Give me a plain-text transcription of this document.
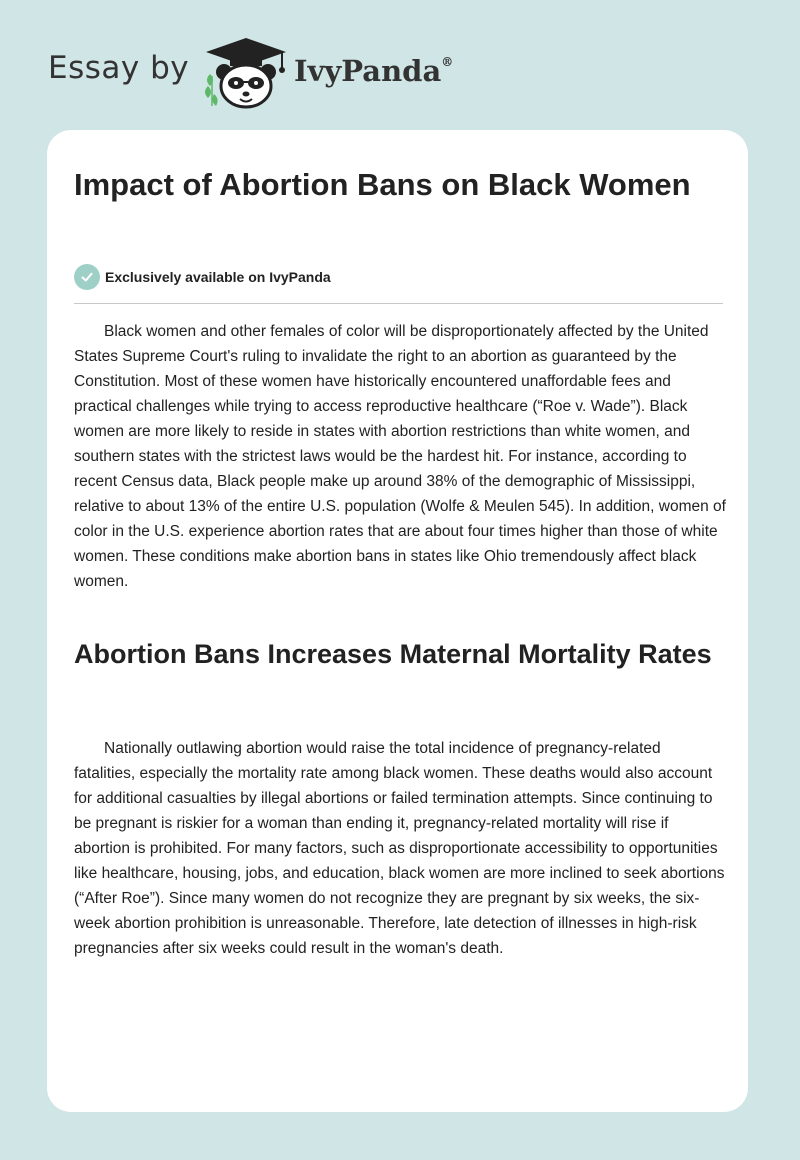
Essay by	IvyPanda®
Impact of Abortion Bans on Black Women
Exclusively available on IvyPanda

Black women and other females of color will be disproportionately affected by the United States Supreme Court's ruling to invalidate the right to an abortion as guaranteed by the Constitution. Most of these women have historically encountered unaffordable fees and practical challenges while trying to access reproductive healthcare (“Roe v. Wade”). Black women are more likely to reside in states with abortion restrictions than white women, and southern states with the strictest laws would be the hardest hit. For instance, according to recent Census data, Black people make up around 38% of the demographic of Mississippi, relative to about 13% of the entire U.S. population (Wolfe & Meulen 545). In addition, women of color in the U.S. experience abortion rates that are about four times higher than those of white women. These conditions make abortion bans in states like Ohio tremendously affect black women.

Abortion Bans Increases Maternal Mortality Rates

Nationally outlawing abortion would raise the total incidence of pregnancy-related fatalities, especially the mortality rate among black women. These deaths would also account for additional casualties by illegal abortions or failed termination attempts. Since continuing to be pregnant is riskier for a woman than ending it, pregnancy-related mortality will rise if abortion is prohibited. For many factors, such as disproportionate accessibility to opportunities like healthcare, housing, jobs, and education, black women are more inclined to seek abortions (“After Roe”). Since many women do not recognize they are pregnant by six weeks, the six-week abortion prohibition is unreasonable. Therefore, late detection of illnesses in high-risk pregnancies after six weeks could result in the woman's death.
